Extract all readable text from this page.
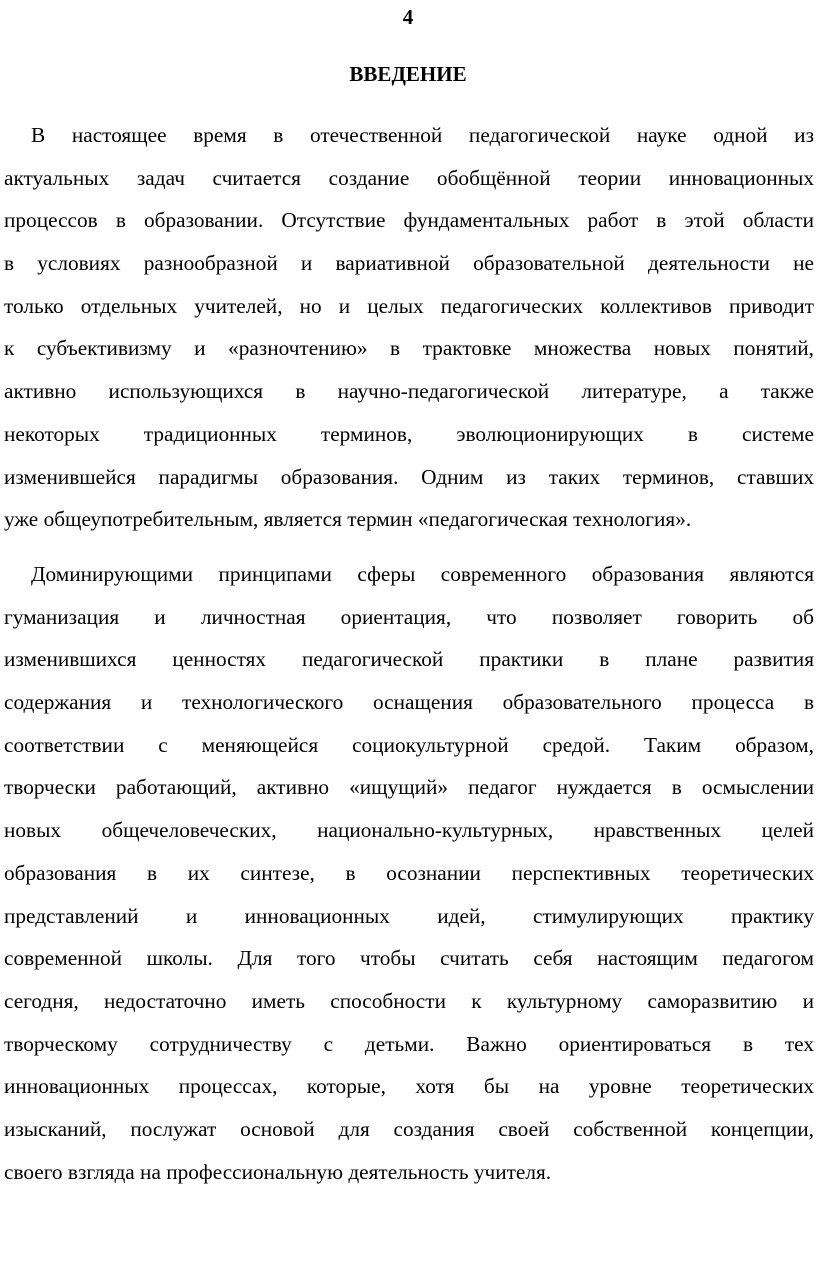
4
ВВЕДЕНИЕ
В настоящее время в отечественной педагогической науке одной из
актуальных задач считается создание обобщённой теории инновационных
процессов в образовании. Отсутствие фундаментальных работ в этой области
в условиях разнообразной и вариативной образовательной деятельности не
только отдельных учителей, но и целых педагогических коллективов приводит
к субъективизму и «разночтению» в трактовке множества новых понятий,
активно использующихся в научно-педагогической литературе, а также
некоторых традиционных терминов, эволюционирующих в системе
изменившейся парадигмы образования. Одним из таких терминов, ставших
уже общеупотребительным, является термин «педагогическая технология».
Доминирующими принципами сферы современного образования являются
гуманизация и личностная ориентация, что позволяет говорить об
изменившихся ценностях педагогической практики в плане развития
содержания и технологического оснащения образовательного процесса в
соответствии с меняющейся социокультурной средой. Таким образом,
творчески работающий, активно «ищущий» педагог нуждается в осмыслении
новых общечеловеческих, национально-культурных, нравственных целей
образования в их синтезе, в осознании перспективных теоретических
представлений и инновационных идей, стимулирующих практику
современной школы. Для того чтобы считать себя настоящим педагогом
сегодня, недостаточно иметь способности к культурному саморазвитию и
творческому сотрудничеству с детьми. Важно ориентироваться в тех
инновационных процессах, которые, хотя бы на уровне теоретических
изысканий, послужат основой для создания своей собственной концепции,
своего взгляда на профессиональную деятельность учителя.
